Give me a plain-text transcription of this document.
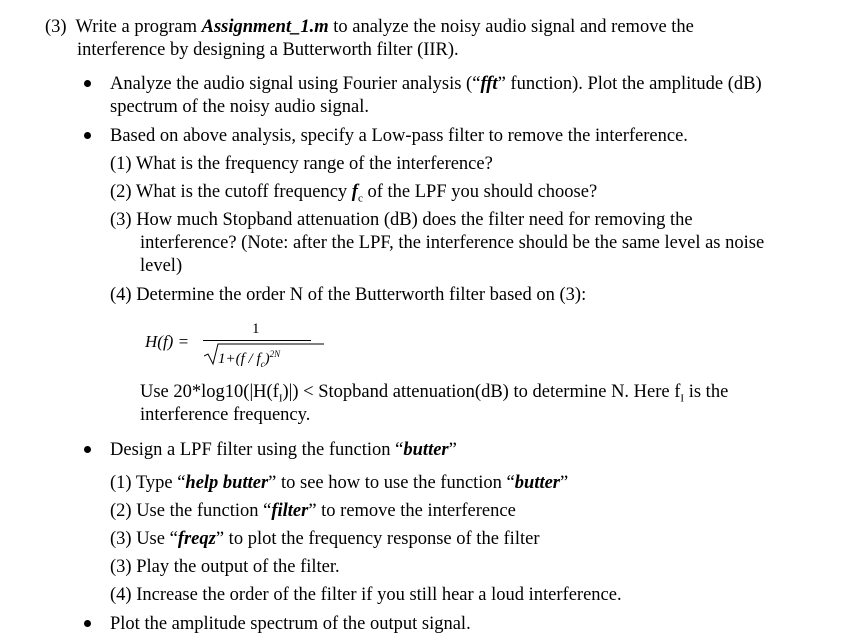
(3) Write a program Assignment_1.m to analyze the noisy audio signal and remove the
interference by designing a Butterworth filter (IIR).
Analyze the audio signal using Fourier analysis (“fft” function). Plot the amplitude (dB)
spectrum of the noisy audio signal.
Based on above analysis, specify a Low-pass filter to remove the interference.
(1) What is the frequency range of the interference?
(2) What is the cutoff frequency $f_c$ of the LPF you should choose?
(3) How much Stopband attenuation (dB) does the filter need for removing the
interference? (Note: after the LPF, the interference should be the same level as noise
level)
(4) Determine the order N of the Butterworth filter based on (3):
H(f) =
1
$1+(f / f_c)^{2N}$
Use $20*\log 10(|H(f_I)|)$ < Stopband attenuation(dB) to determine N. Here $f_I$ is the
interference frequency.
Design a LPF filter using the function “butter”
(1) Type “help butter” to see how to use the function “butter”
(2) Use the function “filter” to remove the interference
(3) Use “freqz” to plot the frequency response of the filter
(3) Play the output of the filter.
(4) Increase the order of the filter if you still hear a loud interference.
Plot the amplitude spectrum of the output signal.
